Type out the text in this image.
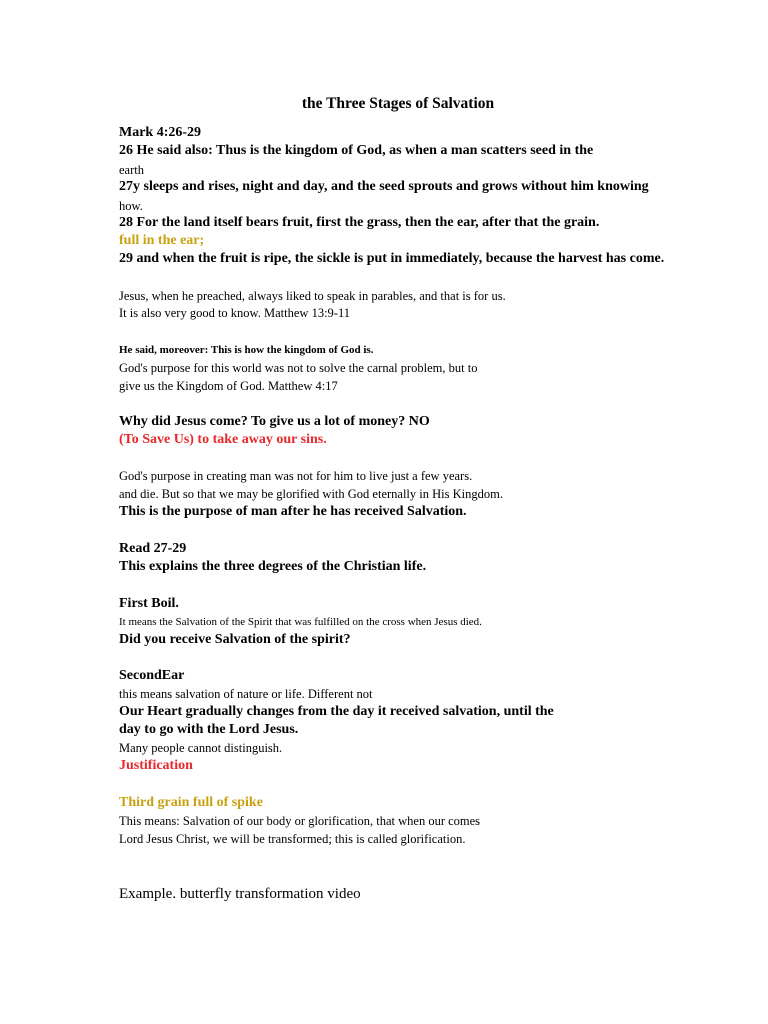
the Three Stages of Salvation
Mark 4:26-29
26 He said also: Thus is the kingdom of God, as when a man scatters seed in the
earth
27y sleeps and rises, night and day, and the seed sprouts and grows without him knowing
how.
28 For the land itself bears fruit, first the grass, then the ear, after that the grain.
full in the ear;
29 and when the fruit is ripe, the sickle is put in immediately, because the harvest has come.
Jesus, when he preached, always liked to speak in parables, and that is for us.
It is also very good to know. Matthew 13:9-11
He said, moreover: This is how the kingdom of God is.
God's purpose for this world was not to solve the carnal problem, but to
give us the Kingdom of God. Matthew 4:17
Why did Jesus come? To give us a lot of money? NO
(To Save Us) to take away our sins.
God's purpose in creating man was not for him to live just a few years.
and die. But so that we may be glorified with God eternally in His Kingdom.
This is the purpose of man after he has received Salvation.
Read 27-29
This explains the three degrees of the Christian life.
First Boil.
It means the Salvation of the Spirit that was fulfilled on the cross when Jesus died.
Did you receive Salvation of the spirit?
SecondEar
this means salvation of nature or life. Different not
Our Heart gradually changes from the day it received salvation, until the
day to go with the Lord Jesus.
Many people cannot distinguish.
Justification
Third grain full of spike
This means: Salvation of our body or glorification, that when our comes
Lord Jesus Christ, we will be transformed; this is called glorification.
Example. butterfly transformation video
